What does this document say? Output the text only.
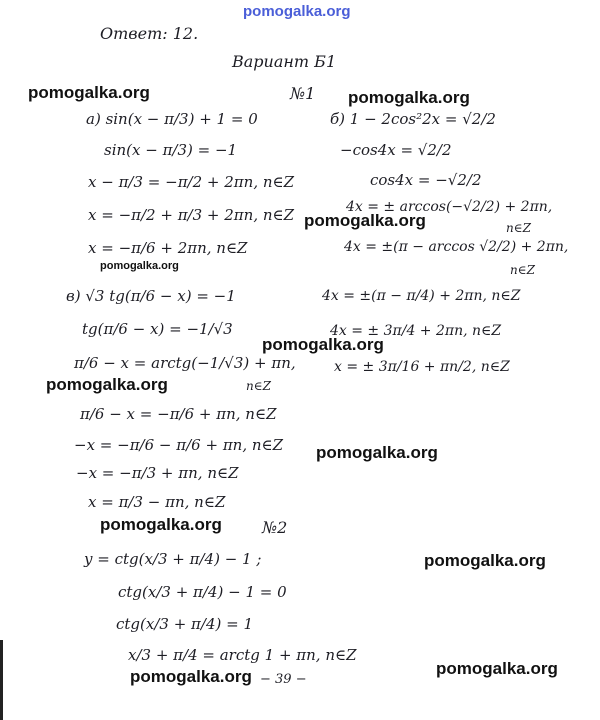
pomogalka.org
Ответ: 12.
Вариант Б1
№1
a) sin(x − π/3) + 1 = 0
sin(x − π/3) = −1
x − π/3 = −π/2 + 2πn, n∈Z
x = −π/2 + π/3 + 2πn, n∈Z
x = −π/6 + 2πn, n∈Z
б) 1 − 2cos²2x = √2/2
−cos4x = √2/2
cos4x = −√2/2
4x = ± arccos(−√2/2) + 2πn,
n∈Z
4x = ±(π − arccos √2/2) + 2πn,
n∈Z
4x = ±(π − π/4) + 2πn, n∈Z
4x = ± 3π/4 + 2πn, n∈Z
x = ± 3π/16 + πn/2, n∈Z
в) √3 tg(π/6 − x) = −1
tg(π/6 − x) = −1/√3
π/6 − x = arctg(−1/√3) + πn,
n∈Z
π/6 − x = −π/6 + πn, n∈Z
−x = −π/6 − π/6 + πn, n∈Z
−x = −π/3 + πn, n∈Z
x = π/3 − πn, n∈Z
№2
y = ctg(x/3 + π/4) − 1 ;
ctg(x/3 + π/4) − 1 = 0
ctg(x/3 + π/4) = 1
x/3 + π/4 = arctg 1 + πn, n∈Z
− 39 −
pomogalka.org	pomogalka.org
pomogalka.org
pomogalka.org
pomogalka.org
pomogalka.org
pomogalka.org
pomogalka.org
pomogalka.org
pomogalka.org
pomogalka.org
